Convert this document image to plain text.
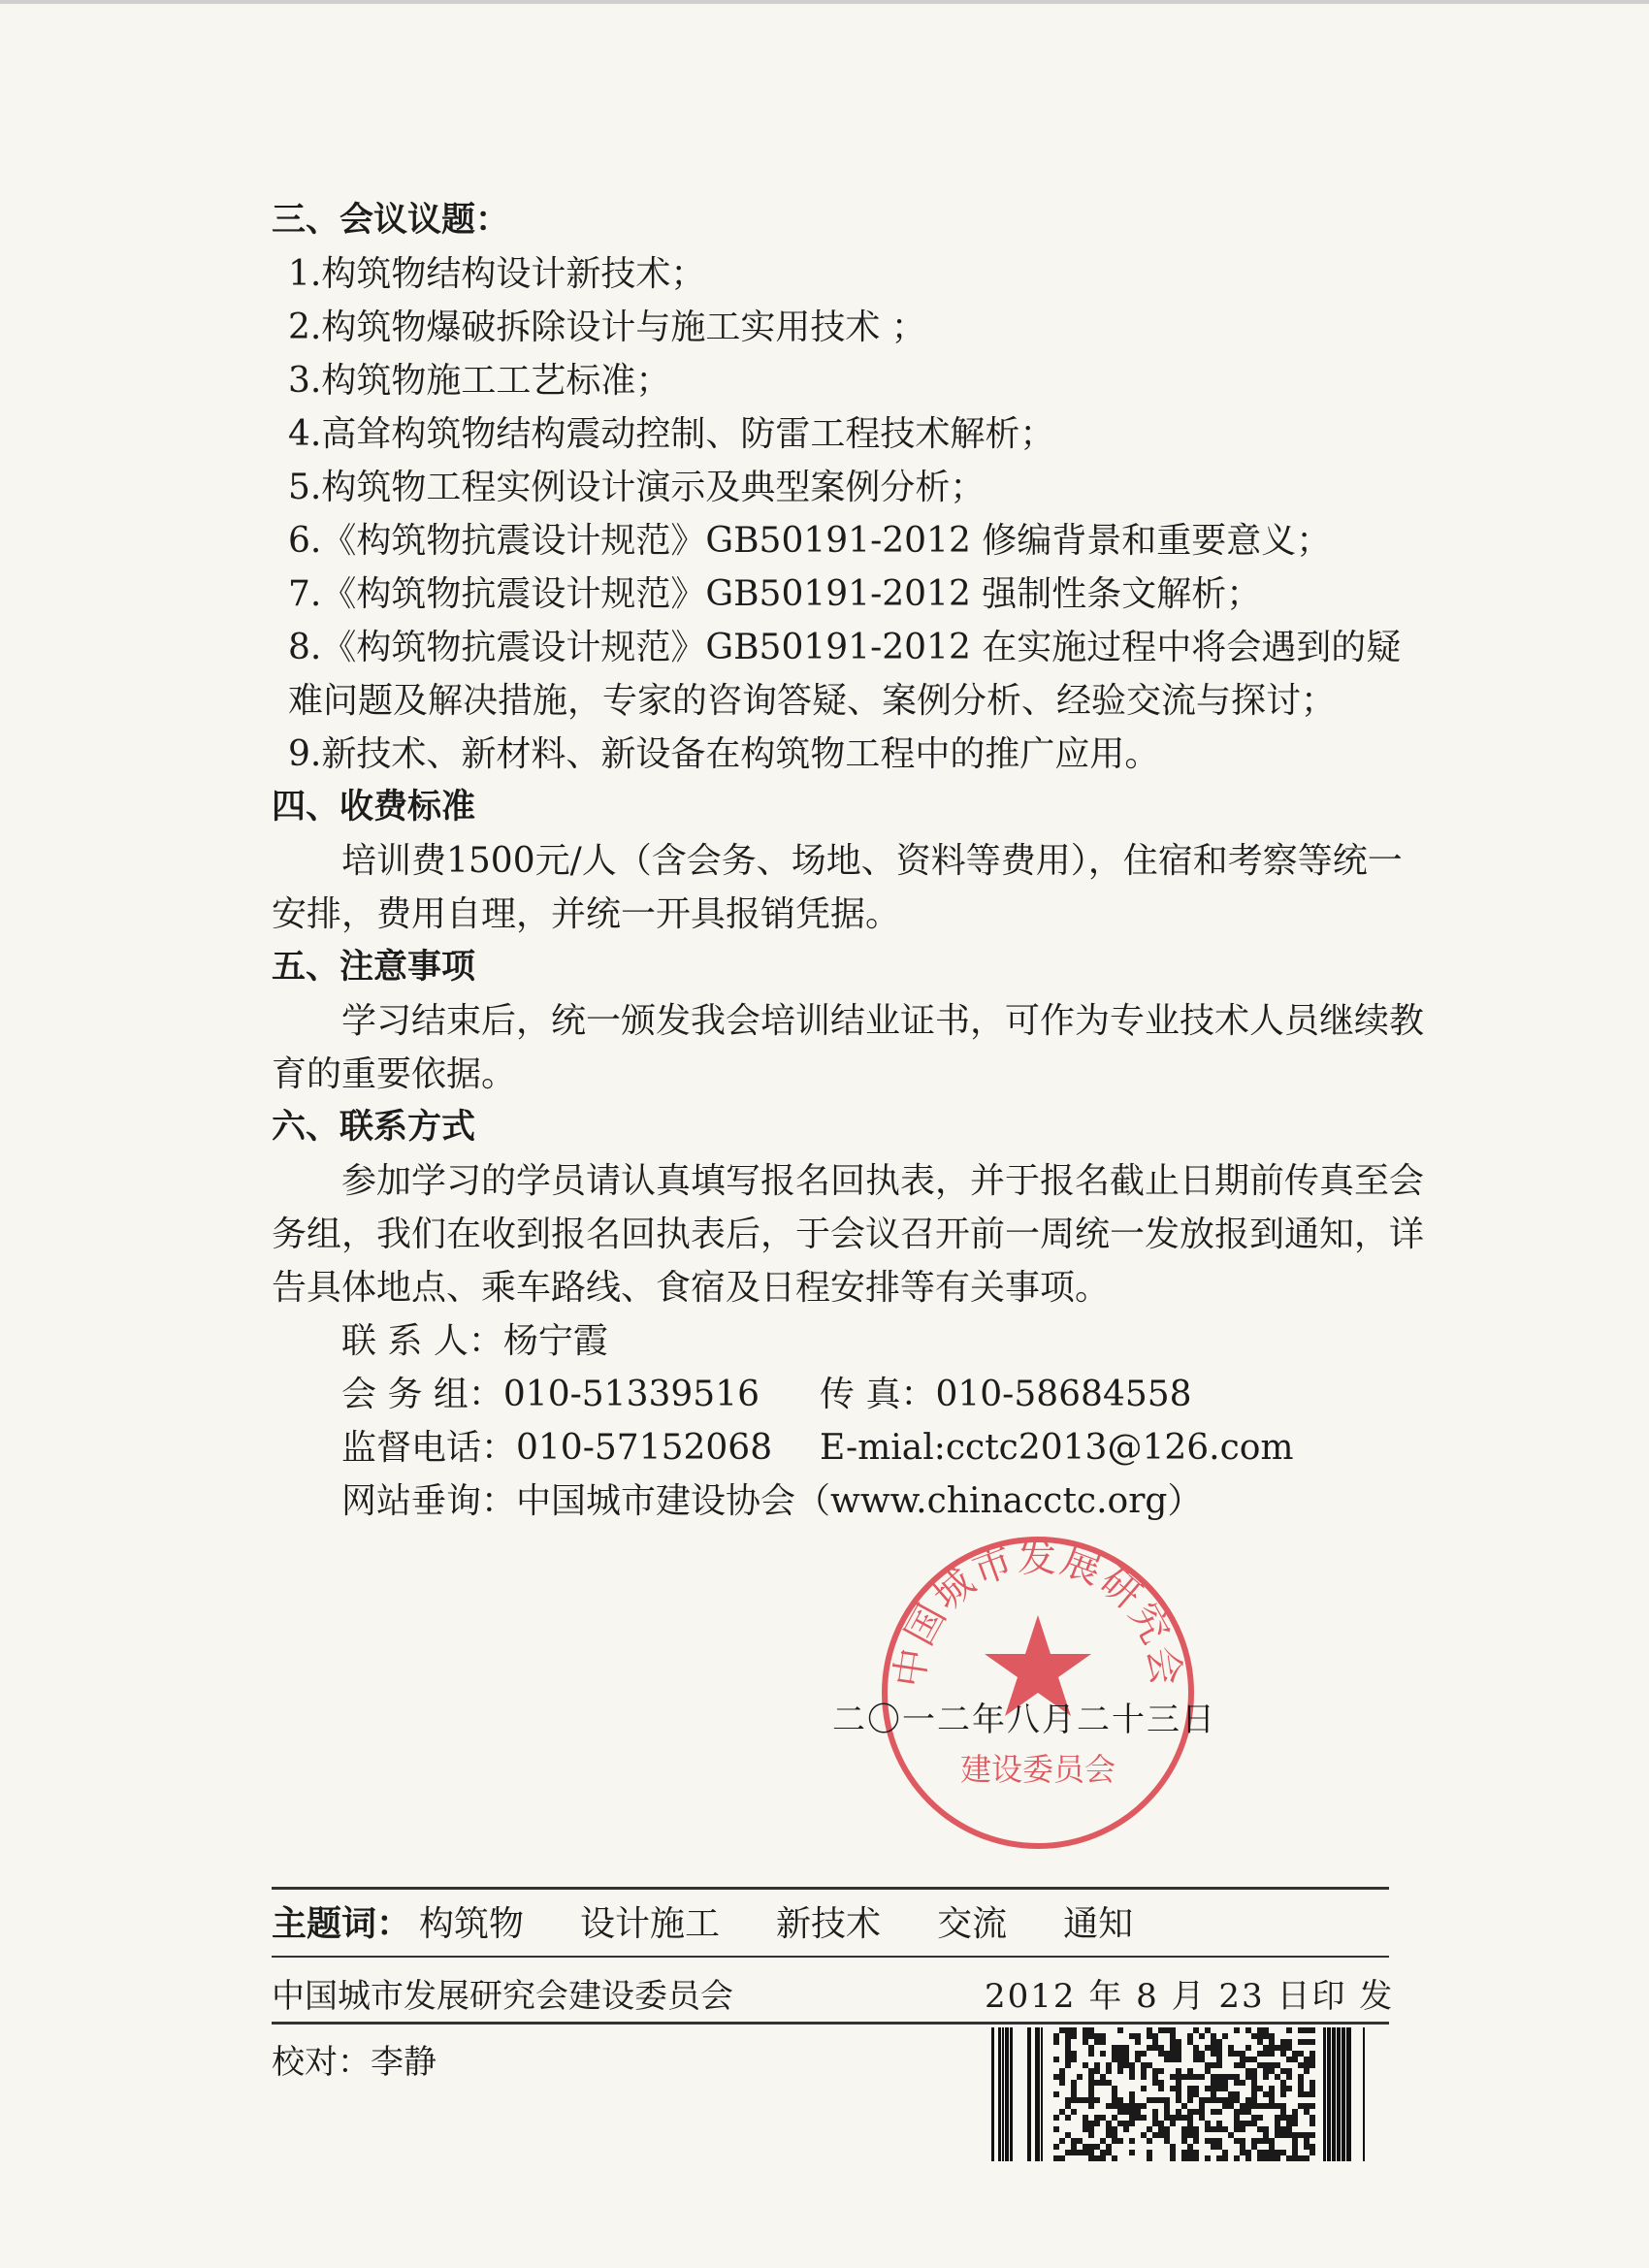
三、会议议题：
1.构筑物结构设计新技术；
2.构筑物爆破拆除设计与施工实用技术 ；
3.构筑物施工工艺标准；
4.高耸构筑物结构震动控制、防雷工程技术解析；
5.构筑物工程实例设计演示及典型案例分析；
6.《构筑物抗震设计规范》GB50191-2012 修编背景和重要意义；
7.《构筑物抗震设计规范》GB50191-2012 强制性条文解析；
8.《构筑物抗震设计规范》GB50191-2012 在实施过程中将会遇到的疑难问题及解决措施，专家的咨询答疑、案例分析、经验交流与探讨；
9.新技术、新材料、新设备在构筑物工程中的推广应用。
四、收费标准
培训费1500元/人（含会务、场地、资料等费用），住宿和考察等统一安排，费用自理，并统一开具报销凭据。
五、注意事项
学习结束后，统一颁发我会培训结业证书，可作为专业技术人员继续教育的重要依据。
六、联系方式
参加学习的学员请认真填写报名回执表，并于报名截止日期前传真至会务组，我们在收到报名回执表后，于会议召开前一周统一发放报到通知，详告具体地点、乘车路线、食宿及日程安排等有关事项。
联 系 人：杨宁霞
会 务 组：010-51339516 传 真：010-58684558
监督电话：010-57152068 E-mial:cctc2013@126.com
网站垂询：中国城市建设协会（www.chinacctc.org）
中国城市发展研究会
建设委员会
二〇一二年八月二十三日
主题词： 构筑物 设计施工 新技术 交流 通知
中国城市发展研究会建设委员会	2012 年 8 月 23 日印 发
校对：李静
